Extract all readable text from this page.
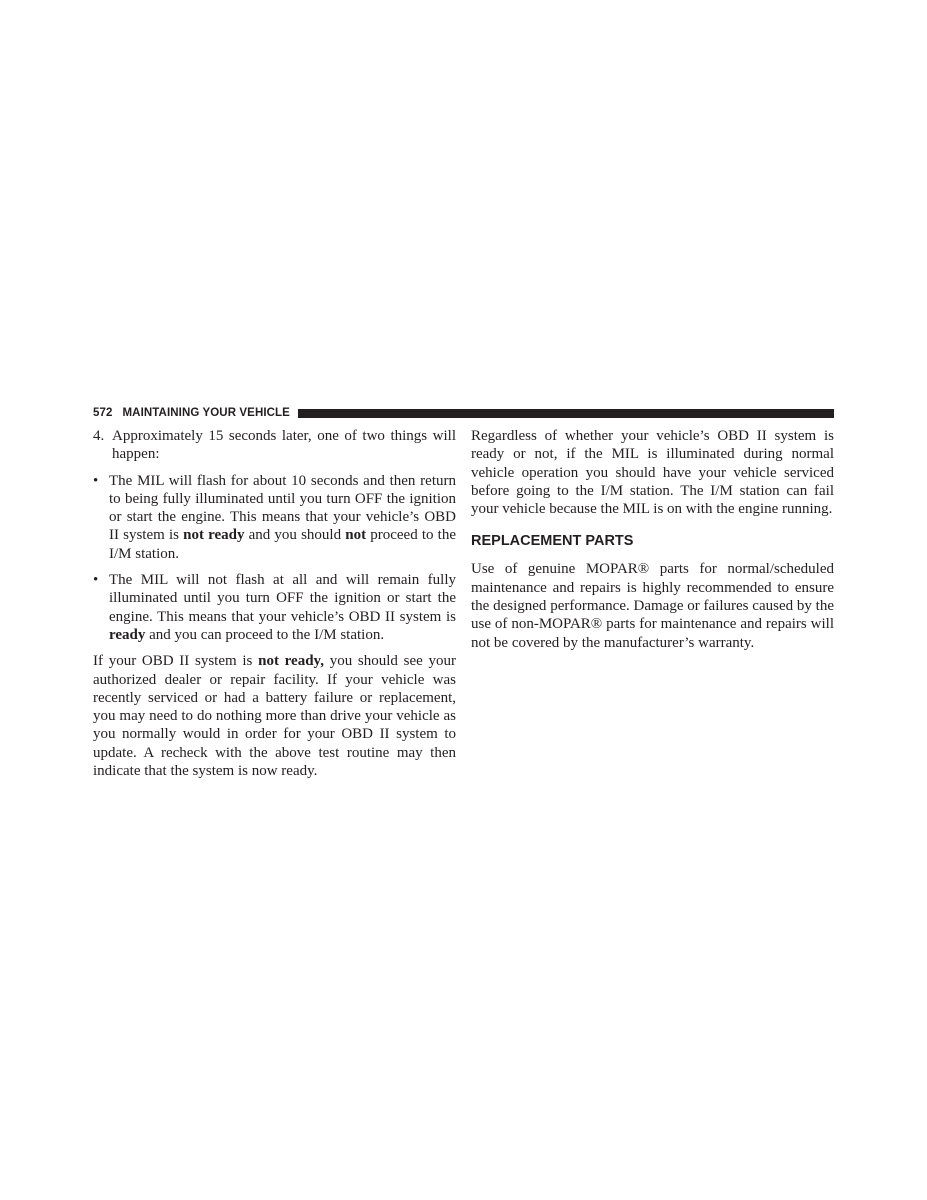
572 MAINTAINING YOUR VEHICLE
4. Approximately 15 seconds later, one of two things will happen:
• The MIL will flash for about 10 seconds and then return to being fully illuminated until you turn OFF the ignition or start the engine. This means that your vehicle’s OBD II system is not ready and you should not proceed to the I/M station.
• The MIL will not flash at all and will remain fully illuminated until you turn OFF the ignition or start the engine. This means that your vehicle’s OBD II system is ready and you can proceed to the I/M station.

If your OBD II system is not ready, you should see your authorized dealer or repair facility. If your vehicle was recently serviced or had a battery failure or replacement, you may need to do nothing more than drive your vehicle as you normally would in order for your OBD II system to update. A recheck with the above test routine may then indicate that the system is now ready.

Regardless of whether your vehicle’s OBD II system is ready or not, if the MIL is illuminated during normal vehicle operation you should have your vehicle serviced before going to the I/M station. The I/M station can fail your vehicle because the MIL is on with the engine running.

REPLACEMENT PARTS

Use of genuine MOPAR® parts for normal/scheduled maintenance and repairs is highly recommended to ensure the designed performance. Damage or failures caused by the use of non-MOPAR® parts for maintenance and repairs will not be covered by the manufacturer’s warranty.
